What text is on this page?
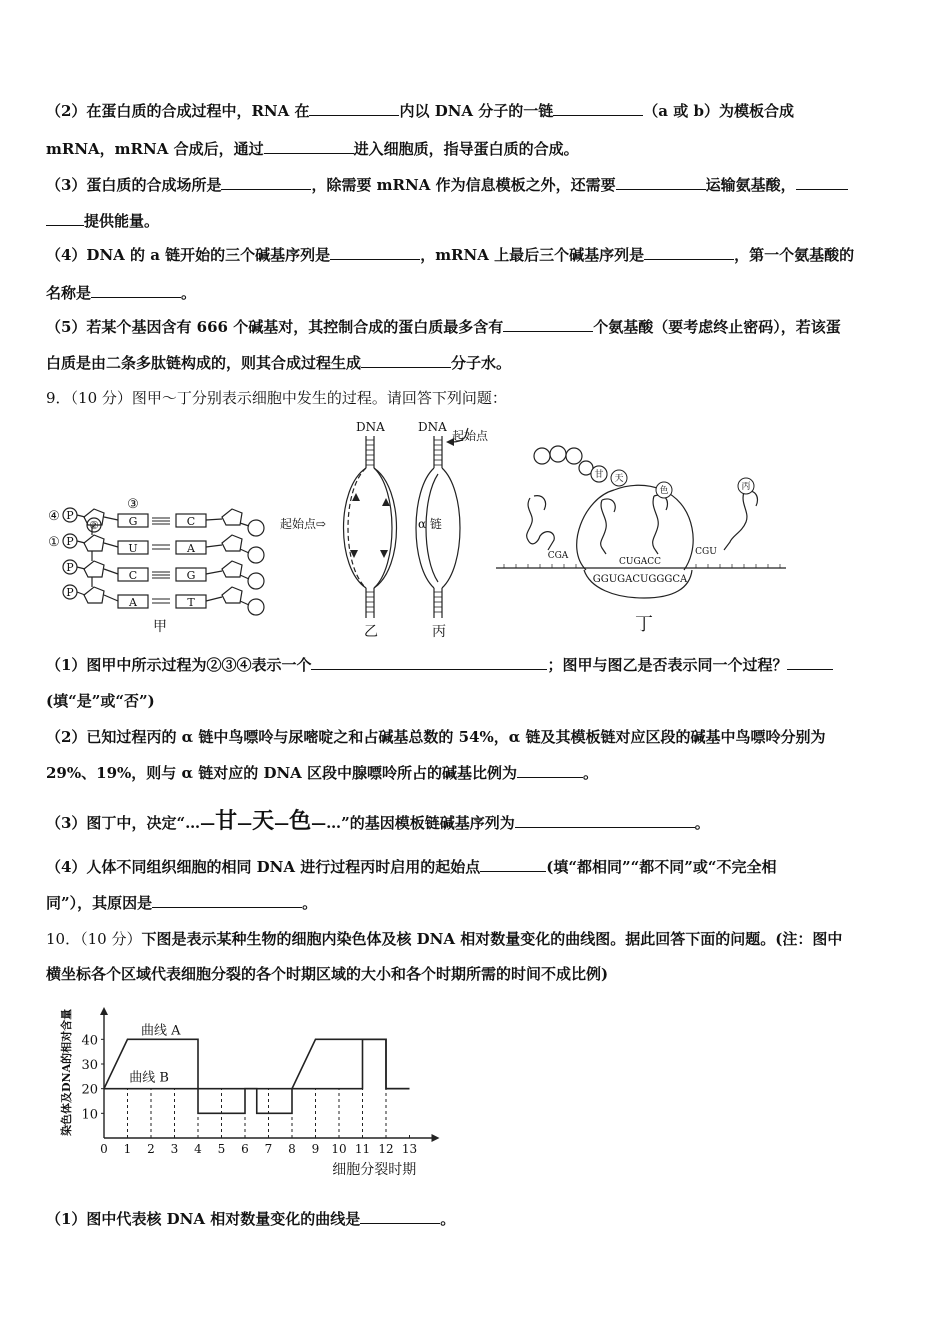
（2）在蛋白质的合成过程中，RNA 在	内以 DNA 分子的一链	（a 或 b）为模板合成
mRNA，mRNA 合成后，通过	进入细胞质，指导蛋白质的合成。
（3）蛋白质的合成场所是	，除需要 mRNA 作为信息模板之外，还需要	运输氨基酸，
提供能量。
（4）DNA 的 a 链开始的三个碱基序列是	，mRNA 上最后三个碱基序列是	，第一个氨基酸的
名称是	。
（5）若某个基因含有 666 个碱基对，其控制合成的蛋白质最多含有	个氨基酸（要考虑终止密码），若该蛋
白质是由二条多肽链构成的，则其合成过程生成	分子水。
9．（10 分）图甲～丁分别表示细胞中发生的过程。请回答下列问题：
P
P
P
P
④
①
②
③
G
U
C
A
C
A
G
T
甲
DNA
起始点⇨
乙
DNA
起始点
α 链
丙
甘 天
色	丙
CGA
CUGACC
CGU
GGUGACUGGGCA
丁
（1）图甲中所示过程为②③④表示一个	；图甲与图乙是否表示同一个过程？
(填“是”或“否”)
（2）已知过程丙的 α 链中鸟嘌呤与尿嘧啶之和占碱基总数的 54%，α 链及其模板链对应区段的碱基中鸟嘌呤分别为
29%、19%，则与 α 链对应的 DNA 区段中腺嘌呤所占的碱基比例为	。
（3）图丁中，决定“…—甘—天—色—…”的基因模板链碱基序列为	。
（4）人体不同组织细胞的相同 DNA 进行过程丙时启用的起始点	(填“都相同”“都不同”或“不完全相
同”），其原因是	。
10．（10 分）下图是表示某种生物的细胞内染色体及核 DNA 相对数量变化的曲线图。据此回答下面的问题。(注：图中
横坐标各个区域代表细胞分裂的各个时期区域的大小和各个时期所需的时间不成比例)
10
20
30
40
0 1 2 3 4 5 6 7 8 9 10 11 12 13
曲线 A
曲线 B
染色体及DNA的相对含量
细胞分裂时期
（1）图中代表核 DNA 相对数量变化的曲线是	。
